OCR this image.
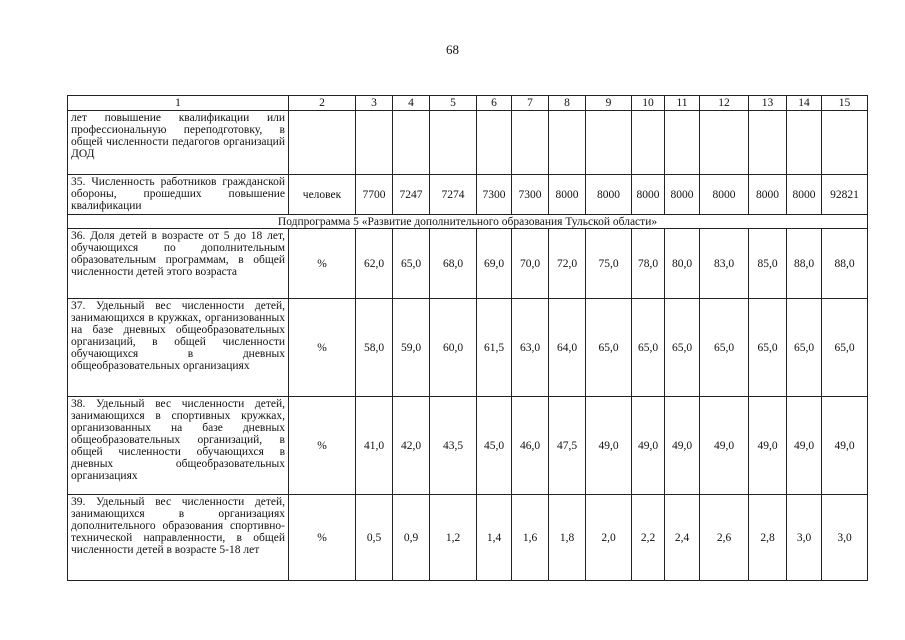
68
1	2	3	4	5	6	7	8	9	10	11	12	13	14	15
лет повышение квалификации или профессиональную переподготовку, в общей численности педагогов организаций ДОД														
35. Численность работников гражданской обороны, прошедших повышение квалификации	человек	7700	7247	7274	7300	7300	8000	8000	8000	8000	8000	8000	8000	92821
Подпрограмма 5 «Развитие дополнительного образования Тульской области»														
36. Доля детей в возрасте от 5 до 18 лет, обучающихся по дополнительным образовательным программам, в общей численности детей этого возраста	%	62,0	65,0	68,0	69,0	70,0	72,0	75,0	78,0	80,0	83,0	85,0	88,0	88,0
37. Удельный вес численности детей, занимающихся в кружках, организованных на базе дневных общеобразовательных организаций, в общей численности обучающихся в дневных общеобразовательных организациях	%	58,0	59,0	60,0	61,5	63,0	64,0	65,0	65,0	65,0	65,0	65,0	65,0	65,0
38. Удельный вес численности детей, занимающихся в спортивных кружках, организованных на базе дневных общеобразовательных организаций, в общей численности обучающихся в дневных общеобразовательных организациях	%	41,0	42,0	43,5	45,0	46,0	47,5	49,0	49,0	49,0	49,0	49,0	49,0	49,0
39. Удельный вес численности детей, занимающихся в организациях дополнительного образования спортивно-технической направленности, в общей численности детей в возрасте 5-18 лет	%	0,5	0,9	1,2	1,4	1,6	1,8	2,0	2,2	2,4	2,6	2,8	3,0	3,0
